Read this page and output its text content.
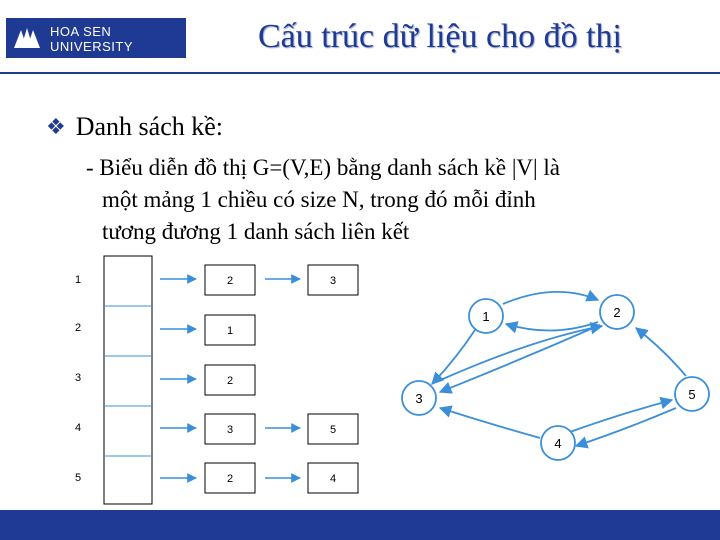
HOA SEN
UNIVERSITY	Cấu trúc dữ liệu cho đồ thị
❖ Danh sách kề:
- Biểu diễn đồ thị G=(V,E) bằng danh sách kề |V| là
một mảng 1 chiều có size N, trong đó mỗi đỉnh
tương đương 1 danh sách liên kết
1
2
3
4
5
2	3
1
2
3	5
2	4
1	2
3
4
5
